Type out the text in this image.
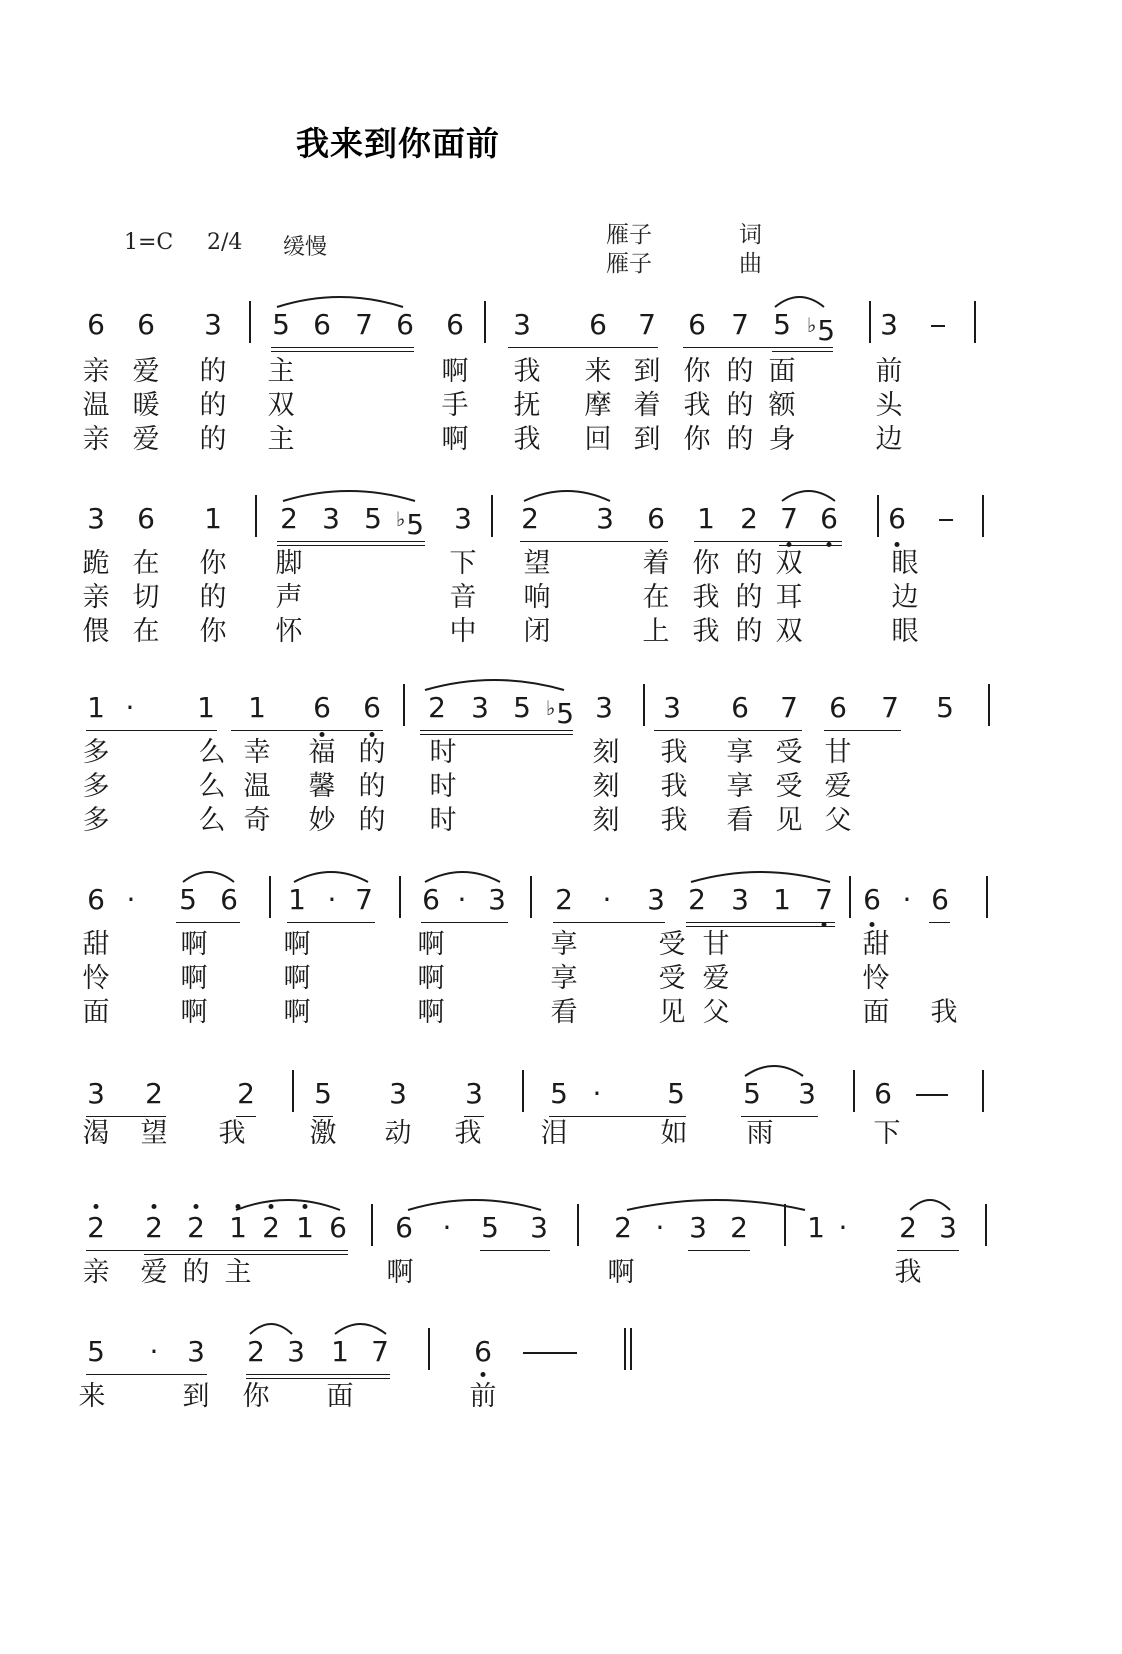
我来到你面前
1=C 2/4 缓慢	雁子	词
雁子	曲
6 6 3 5 6 7 6 6 3 6 7 6 7 5 ♭5 3
亲 爱 的 主	啊 我 来 到 你 的 面	前
温 暖 的 双	手 抚 摩 着 我 的 额	头
亲 爱 的 主	啊 我 回 到 你 的 身	边
3 6 1 2 3 5 ♭5 3 2 3 6 1 2 7 6 6
跪 在 你 脚	下 望	着 你 的 双	眼
亲 切 的 声	音 响	在 我 的 耳	边
偎 在 你 怀	中 闭	上 我 的 双	眼
1 · 1 1 6 6 2 3 5 ♭5 3 3 6 7 6 7 5
多	么 幸 福 的 时	刻 我 享 受 甘
多	么 温 馨 的 时	刻 我 享 受 爱
多	么 奇 妙 的 时	刻 我 看 见 父
6 · 5 6 1 · 7 6 · 3 2 · 3 2 3 1 7 6 · 6
甜	啊	啊	啊	享	受 甘	甜
怜	啊	啊	啊	享	受 爱	怜
面	啊	啊	啊	看	见 父	面 我
3 2	2 5 3 3 5 · 5 5 3 6
渴 望 我 激 动 我 泪	如 雨	下
2 2 2 1 2 1 6 6 · 5 3 2 · 3 2 1 · 2 3
亲 爱 的 主	啊	啊	我
5 · 3 2 3 1 7	6
来	到 你 面	前
